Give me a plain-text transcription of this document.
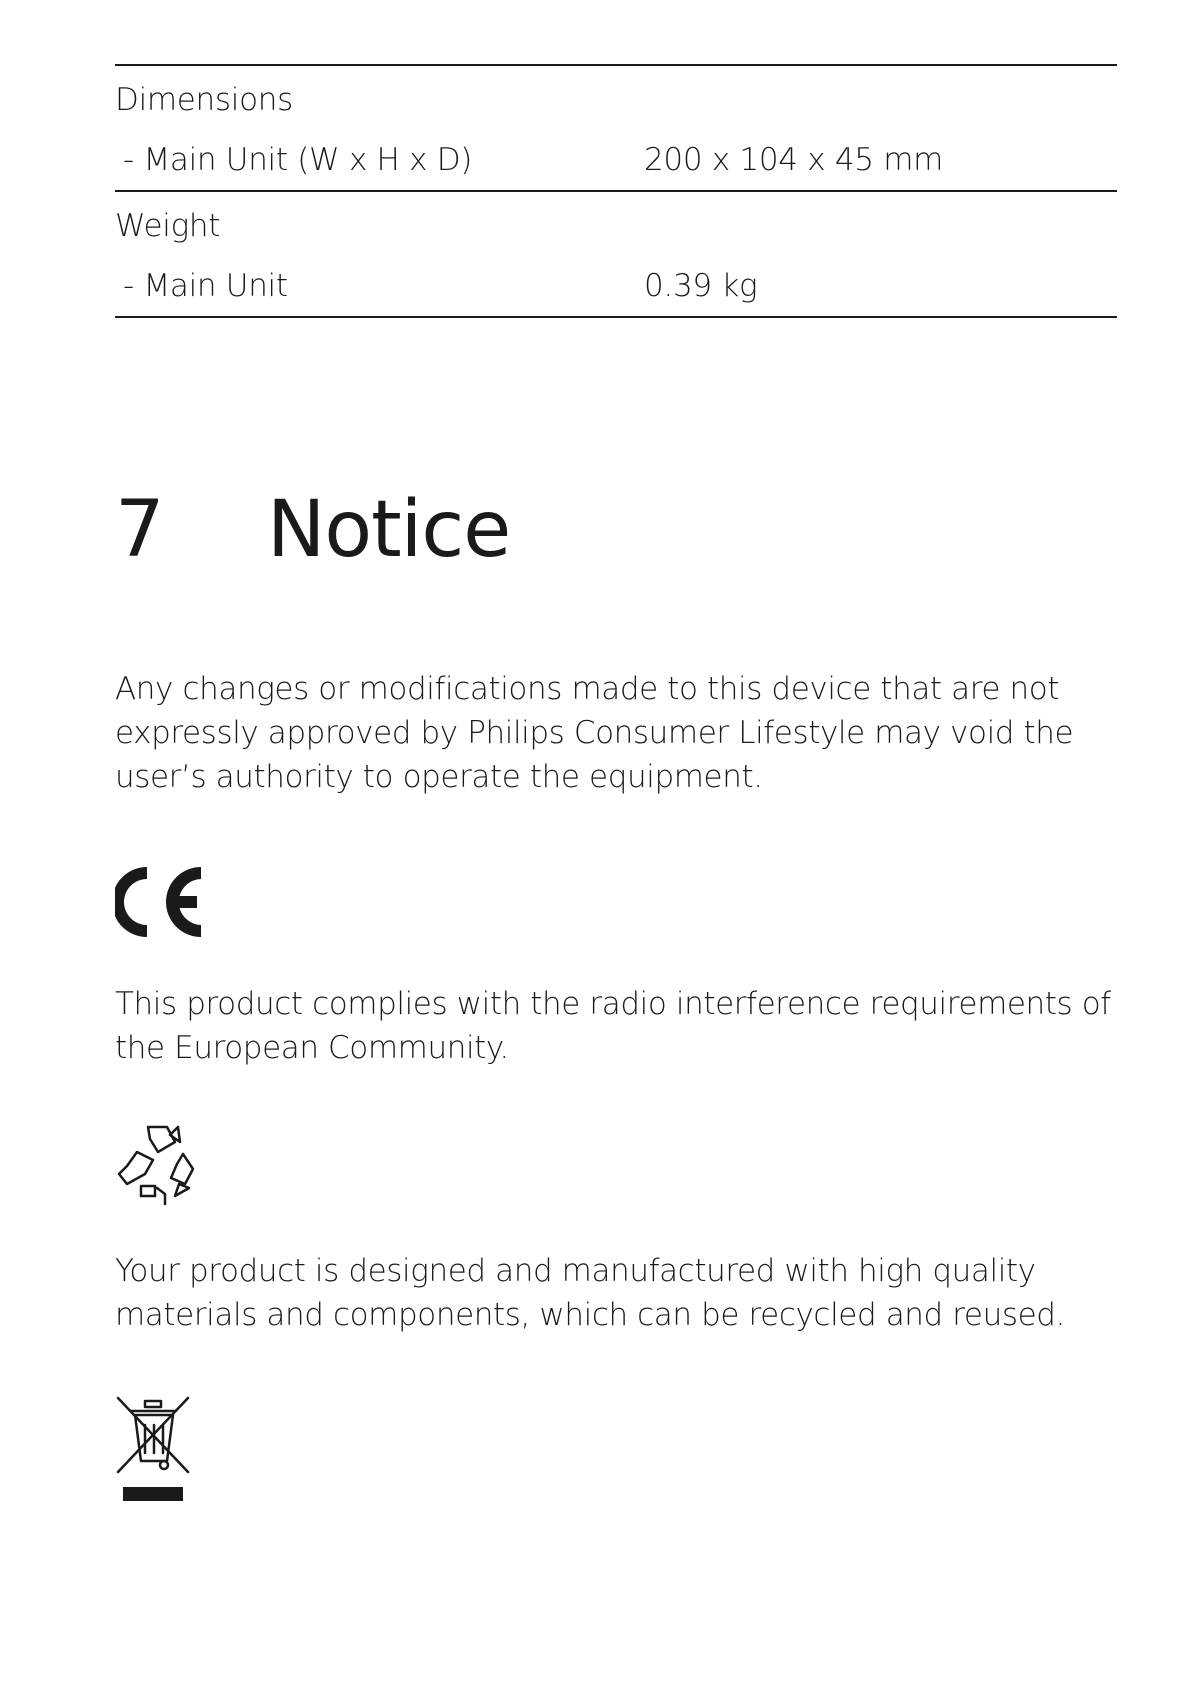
Dimensions
- Main Unit (W x H x D)	200 x 104 x 45 mm
Weight
- Main Unit	0.39 kg
7 Notice

Any changes or modifications made to this device that are not expressly approved by Philips Consumer Lifestyle may void the user’s authority to operate the equipment.

This product complies with the radio interference requirements of the European Community.

Your product is designed and manufactured with high quality materials and components, which can be recycled and reused.
